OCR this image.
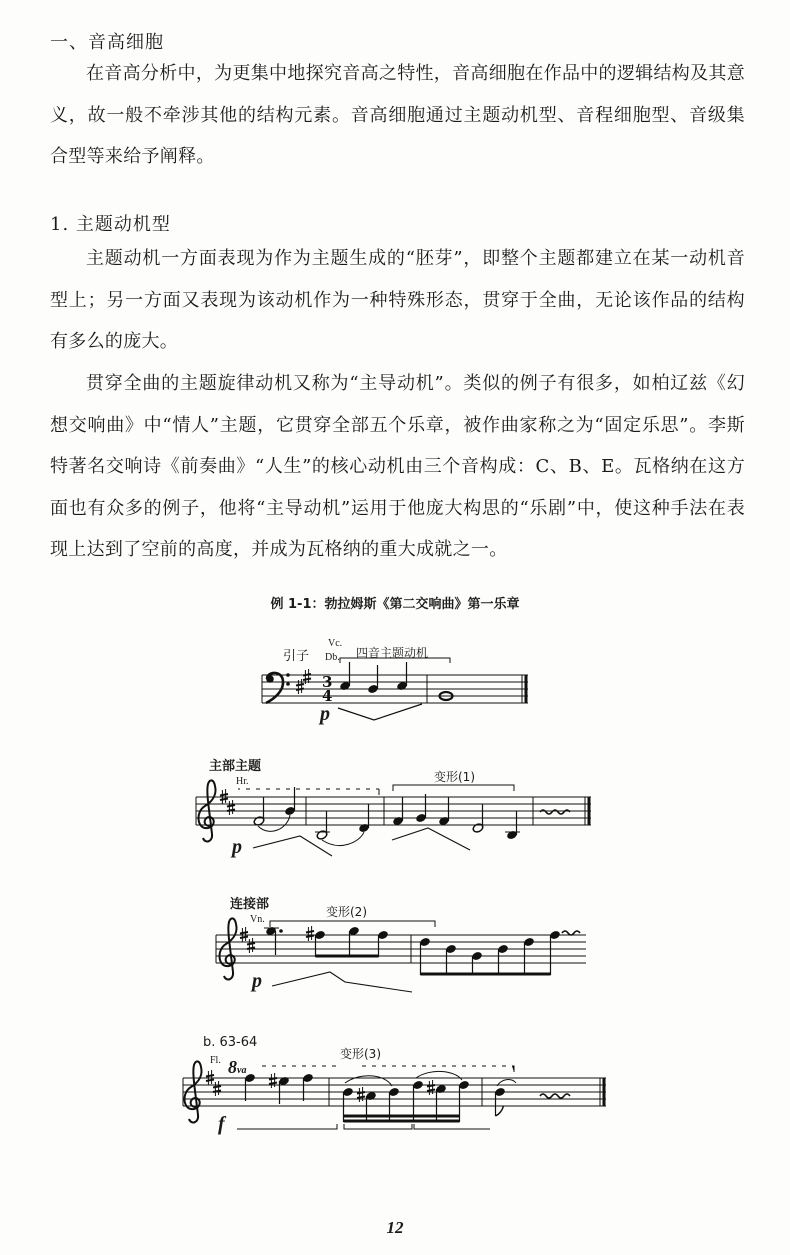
一、音高细胞

在音高分析中，为更集中地探究音高之特性，音高细胞在作品中的逻辑结构及其意义，故一般不牵涉其他的结构元素。音高细胞通过主题动机型、音程细胞型、音级集合型等来给予阐释。

1. 主题动机型

主题动机一方面表现为作为主题生成的“胚芽”，即整个主题都建立在某一动机音型上；另一方面又表现为该动机作为一种特殊形态，贯穿于全曲，无论该作品的结构有多么的庞大。

贯穿全曲的主题旋律动机又称为“主导动机”。类似的例子有很多，如柏辽兹《幻想交响曲》中“情人”主题，它贯穿全部五个乐章，被作曲家称之为“固定乐思”。李斯特著名交响诗《前奏曲》“人生”的核心动机由三个音构成：C、B、E。瓦格纳在这方面也有众多的例子，他将“主导动机”运用于他庞大构思的“乐剧”中，使这种手法在表现上达到了空前的高度，并成为瓦格纳的重大成就之一。

例 1-1：勃拉姆斯《第二交响曲》第一乐章
引子
Vc.
Db. 四音主题动机
p
主部主题
Hr.	变形(1)
p
连接部
Vn.
变形(2)
p
b. 63-64
Fl. 8va
变形(3)
f
3
4
12
